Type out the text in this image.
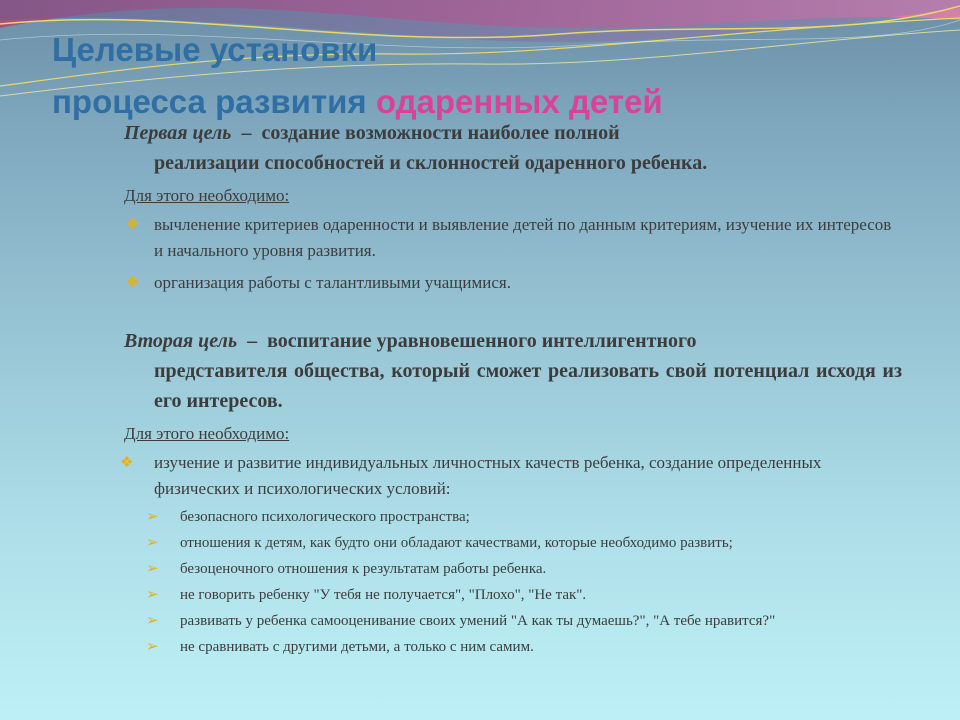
Целевые установки
процесса развития одаренных детей

Первая цель  –  создание возможности наиболее полной
реализации способностей и склонностей одаренного ребенка.

Для этого необходимо:
❖ вычленение критериев одаренности и выявление детей по данным критериям, изучение их интересов и начального уровня развития.
❖ организация работы с талантливыми учащимися.

Вторая цель  –  воспитание уравновешенного интеллигентного
представителя общества, который сможет реализовать свой потенциал исходя из его интересов.

Для этого необходимо:
❖ изучение и развитие индивидуальных личностных качеств ребенка, создание определенных физических и психологических условий:
➢ безопасного психологического пространства;
➢ отношения к детям, как будто они обладают качествами, которые необходимо развить;
➢ безоценочного отношения к результатам работы ребенка.
➢ не говорить ребенку "У тебя не получается", "Плохо", "Не так".
➢ развивать у ребенка самооценивание своих умений "А как ты думаешь?", "А тебе нравится?"
➢ не сравнивать с другими детьми, а только с ним самим.
